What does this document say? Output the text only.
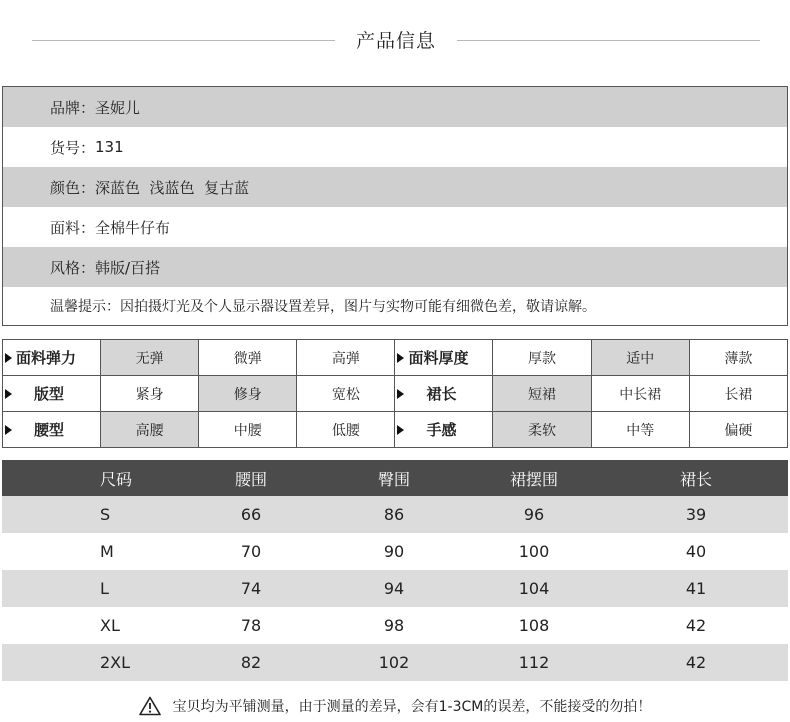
产品信息
品牌： 圣妮儿
货号： 131
颜色： 深蓝色  浅蓝色  复古蓝
面料： 全棉牛仔布
风格： 韩版/百搭
温馨提示：因拍摄灯光及个人显示器设置差异，图片与实物可能有细微色差，敬请谅解。
面料弹力	无弹	微弹	高弹	面料厚度	厚款	适中	薄款
版型	紧身	修身	宽松	裙长	短裙	中长裙	长裙
腰型	高腰	中腰	低腰	手感	柔软	中等	偏硬
尺码	腰围	臀围	裙摆围	裙长
S	66	86	96	39
M	70	90	100	40
L	74	94	104	41
XL	78	98	108	42
2XL	82	102	112	42
宝贝均为平铺测量，由于测量的差异，会有1-3CM的误差，不能接受的勿拍！
